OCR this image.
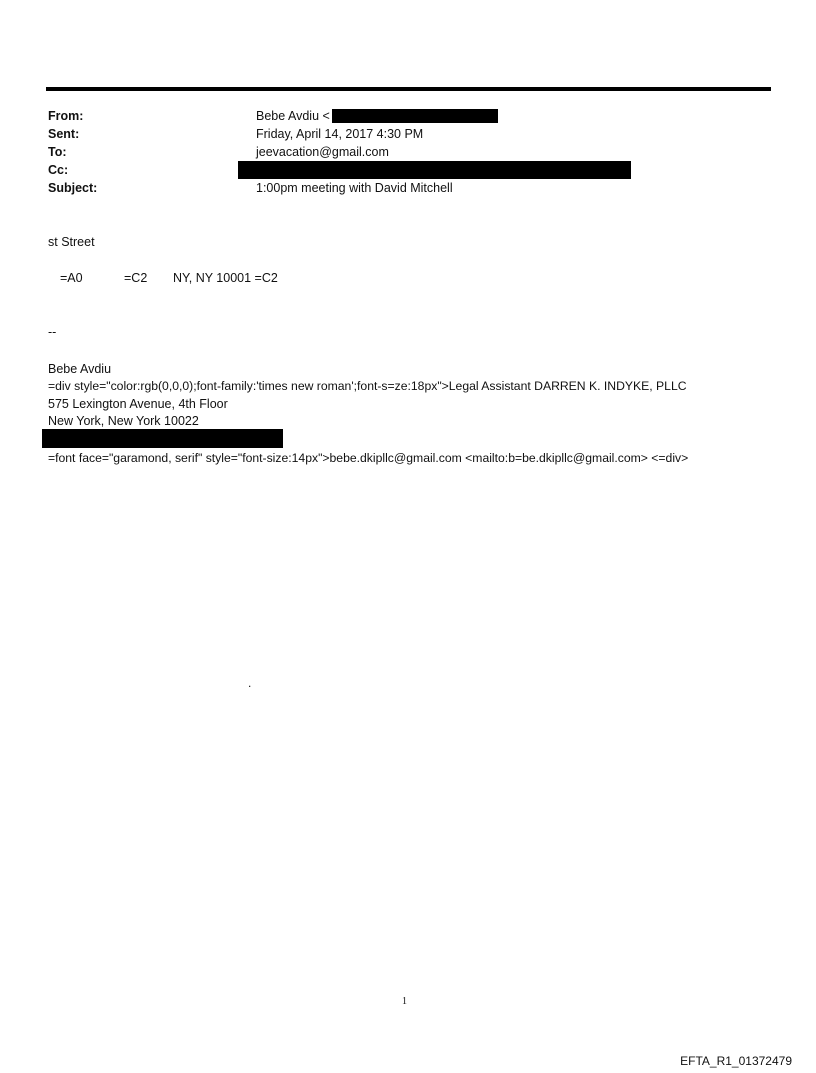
From:	Bebe Avdiu <
Sent:	Friday, April 14, 2017 4:30 PM
To:	jeevacation@gmail.com
Cc:
Subject:	1:00pm meeting with David Mitchell
st Street
=A0	=C2 NY, NY 10001 =C2
--
Bebe Avdiu
=div style="color:rgb(0,0,0);font-family:'times new roman';font-s=ze:18px">Legal Assistant DARREN K. INDYKE, PLLC
575 Lexington Avenue, 4th Floor
New York, New York 10022
=font face="garamond, serif" style="font-size:14px">bebe.dkipllc@gmail.com <mailto:b=be.dkipllc@gmail.com> <=div>
.
1
EFTA_R1_01372479
